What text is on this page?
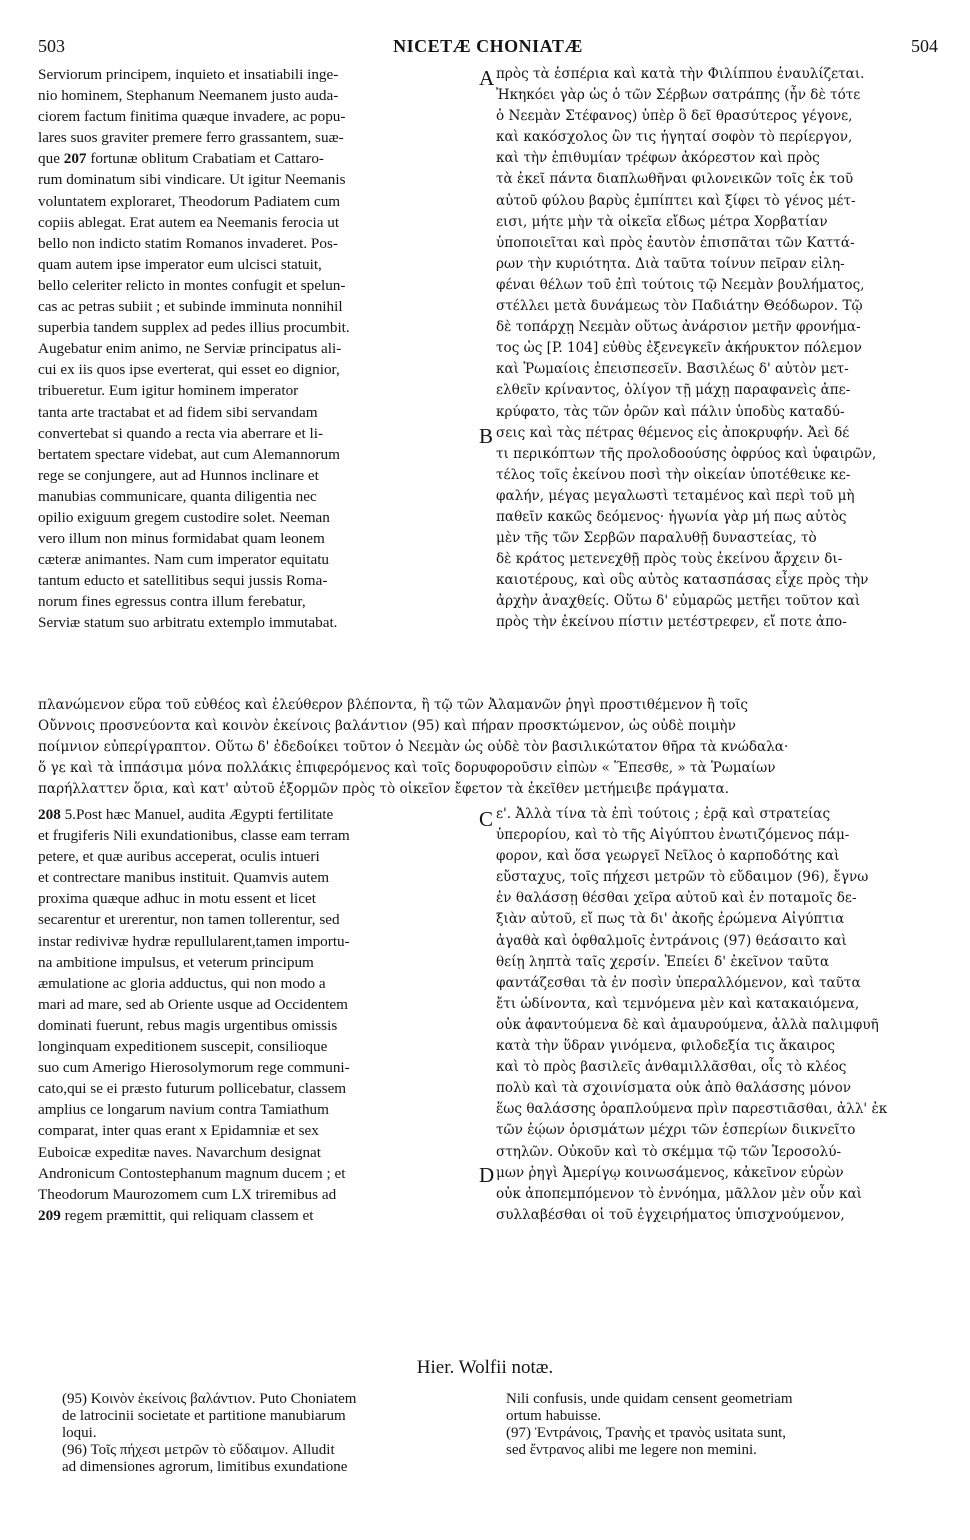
503	NICETÆ CHONIATÆ	504
Serviorum principem, inquieto et insatiabili inge-
nio hominem, Stephanum Neemanem justo auda-
ciorem factum finitima quæque invadere, ac popu-
lares suos graviter premere ferro grassantem, suæ-
que 207 fortunæ oblitum Crabatiam et Cattaro-
rum dominatum sibi vindicare. Ut igitur Neemanis
voluntatem exploraret, Theodorum Padiatem cum
copiis ablegat. Erat autem ea Neemanis ferocia ut
bello non indicto statim Romanos invaderet. Pos-
quam autem ipse imperator eum ulcisci statuit,
bello celeriter relicto in montes confugit et spelun-
cas ac petras subiit ; et subinde imminuta nonnihil
superbia tandem supplex ad pedes illius procumbit.
Augebatur enim animo, ne Serviæ principatus ali-
cui ex iis quos ipse everterat, qui esset eo dignior,
tribueretur. Eum igitur hominem imperator
tanta arte tractabat et ad fidem sibi servandam
convertebat si quando a recta via aberrare et li-
bertatem spectare videbat, aut cum Alemannorum
rege se conjungere, aut ad Hunnos inclinare et
manubias communicare, quanta diligentia nec
opilio exiguum gregem custodire solet. Neeman
vero illum non minus formidabat quam leonem
cæteræ animantes. Nam cum imperator equitatu
tantum educto et satellitibus sequi jussis Roma-
norum fines egressus contra illum ferebatur,
Serviæ statum suo arbitratu extemplo immutabat.
πρὸς τὰ ἑσπέρια καὶ κατὰ τὴν Φιλίππου ἐναυλίζεται.
Ἠκηκόει γὰρ ὡς ὁ τῶν Σέρβων σατράπης (ἦν δὲ τότε
ὁ Νεεμὰν Στέφανος) ὑπὲρ ὃ δεῖ θρασύτερος γέγονε,
καὶ κακόσχολος ὢν τις ἡγηταί σοφὸν τὸ περίεργον,
καὶ τὴν ἐπιθυμίαν τρέφων ἀκόρεστον καὶ πρὸς
τὰ ἐκεῖ πάντα διαπλωθῆναι φιλονεικῶν τοῖς ἐκ τοῦ
αὐτοῦ φύλου βαρὺς ἐμπίπτει καὶ ξίφει τὸ γένος μέτ-
εισι, μήτε μὴν τὰ οἰκεῖα εἴδως μέτρα Χορβατίαν
ὑποποιεῖται καὶ πρὸς ἑαυτὸν ἐπισπᾶται τῶν Καττά-
ρων τὴν κυριότητα. Διὰ ταῦτα τοίνυν πεῖραν εἰλη-
φέναι θέλων τοῦ ἐπὶ τούτοις τῷ Νεεμὰν βουλήματος,
στέλλει μετὰ δυνάμεως τὸν Παδιάτην Θεόδωρον. Τῷ
δὲ τοπάρχῃ Νεεμὰν οὕτως ἀνάρσιον μετῆν φρονήμα-
τος ὡς [P. 104] εὐθὺς ἐξενεγκεῖν ἀκήρυκτον πόλεμον
καὶ Ῥωμαίοις ἐπεισπεσεῖν. Βασιλέως δ' αὐτὸν μετ-
ελθεῖν κρίναντος, ὀλίγον τῇ μάχῃ παραφανεὶς ἀπε-
κρύφατο, τὰς τῶν ὀρῶν καὶ πάλιν ὑποδὺς καταδύ-
σεις καὶ τὰς πέτρας θέμενος εἰς ἀποκρυφήν. Ἀεὶ δέ
τι περικόπτων τῆς προλοδοούσης ὀφρύος καὶ ὑφαιρῶν,
τέλος τοῖς ἐκείνου ποσὶ τὴν οἰκείαν ὑποτέθεικε κε-
φαλήν, μέγας μεγαλωστὶ τεταμένος καὶ περὶ τοῦ μὴ
παθεῖν κακῶς δεόμενος· ἠγωνία γὰρ μή πως αὐτὸς
μὲν τῆς τῶν Σερβῶν παραλυθῇ δυναστείας, τὸ
δὲ κράτος μετενεχθῇ πρὸς τοὺς ἐκείνου ἄρχειν δι-
καιοτέρους, καὶ οὓς αὐτὸς κατασπάσας εἶχε πρὸς τὴν
ἀρχὴν ἀναχθείς. Οὕτω δ' εὐμαρῶς μετῆει τοῦτον καὶ
πρὸς τὴν ἐκείνου πίστιν μετέστρεφεν, εἴ ποτε ἀπο-
πλανώμενον εὕρα τοῦ εὐθέος καὶ ἐλεύθερον βλέποντα, ἢ τῷ τῶν Ἀλαμανῶν ῥηγὶ προστιθέμενον ἢ τοῖς
Οὔννοις προσνεύοντα καὶ κοινὸν ἐκείνοις βαλάντιον (95) καὶ πήραν προσκτώμενον, ὡς οὐδὲ ποιμὴν
ποίμνιον εὐπερίγραπτον. Οὕτω δ' ἐδεδοίκει τοῦτον ὁ Νεεμὰν ὡς οὐδὲ τὸν βασιλικώτατον θῆρα τὰ κνώδαλα·
ὅ γε καὶ τὰ ἱππάσιμα μόνα πολλάκις ἐπιφερόμενος καὶ τοῖς δορυφοροῦσιν εἰπὼν « Ἕπεσθε, » τὰ Ῥωμαίων
παρήλλαττεν ὅρια, καὶ κατ' αὐτοῦ ἐξορμῶν πρὸς τὸ οἰκεῖον ἔφετον τὰ ἐκεῖθεν μετήμειβε πράγματα.
208 5.Post hæc Manuel, audita Ægypti fertilitate
et frugiferis Nili exundationibus, classe eam terram
petere, et quæ auribus acceperat, oculis intueri
et contrectare manibus instituit. Quamvis autem
proxima quæque adhuc in motu essent et licet
secarentur et urerentur, non tamen tollerentur, sed
instar redivivæ hydræ repullularent,tamen importu-
na ambitione impulsus, et veterum principum
æmulatione ac gloria adductus, qui non modo a
mari ad mare, sed ab Oriente usque ad Occidentem
dominati fuerunt, rebus magis urgentibus omissis
longinquam expeditionem suscepit, consilioque
suo cum Amerigo Hierosolymorum rege communi-
cato,qui se ei præsto futurum pollicebatur, classem
amplius ce longarum navium contra Tamiathum
comparat, inter quas erant x Epidamniæ et sex
Euboicæ expeditæ naves. Navarchum designat
Andronicum Contostephanum magnum ducem ; et
Theodorum Maurozomem cum LX triremibus ad
209 regem præmittit, qui reliquam classem et
ε'. Ἀλλὰ τίνα τὰ ἐπὶ τούτοις ; ἐρᾷ καὶ στρατείας
ὑπερορίου, καὶ τὸ τῆς Αἰγύπτου ἐνωτιζόμενος πάμ-
φορον, καὶ ὅσα γεωργεῖ Νεῖλος ὁ καρποδότης καὶ
εὔσταχυς, τοῖς πήχεσι μετρῶν τὸ εὔδαιμον (96), ἔγνω
ἐν θαλάσσῃ θέσθαι χεῖρα αὐτοῦ καὶ ἐν ποταμοῖς δε-
ξιὰν αὐτοῦ, εἴ πως τὰ δι' ἀκοῆς ἐρώμενα Αἰγύπτια
ἀγαθὰ καὶ ὀφθαλμοῖς ἐντράνοις (97) θεάσαιτο καὶ
θείῃ ληπτὰ ταῖς χερσίν. Ἐπείει δ' ἐκεῖνον ταῦτα
φαντάζεσθαι τὰ ἐν ποσὶν ὑπεραλλόμενον, καὶ ταῦτα
ἔτι ὠδίνοντα, καὶ τεμνόμενα μὲν καὶ κατακαιόμενα,
οὐκ ἀφαντούμενα δὲ καὶ ἀμαυρούμενα, ἀλλὰ παλιμφυῆ
κατὰ τὴν ὕδραν γινόμενα, φιλοδεξία τις ἄκαιρος
καὶ τὸ πρὸς βασιλεῖς ἁνθαμιλλᾶσθαι, οἷς τὸ κλέος
πολὺ καὶ τὰ σχοινίσματα οὐκ ἀπὸ θαλάσσης μόνον
ἕως θαλάσσης ὁραπλούμενα πρὶν παρεστιᾶσθαι, ἀλλ' ἐκ
τῶν ἑῴων ὁρισμάτων μέχρι τῶν ἑσπερίων διικνεῖτο
στηλῶν. Οὐκοῦν καὶ τὸ σκέμμα τῷ τῶν Ἱεροσολύ-
μων ῥηγὶ Ἀμερίγῳ κοινωσάμενος, κἀκεῖνον εὑρὼν
οὐκ ἀποπεμπόμενον τὸ ἐννόημα, μᾶλλον μὲν οὖν καὶ
συλλαβέσθαι οἱ τοῦ ἐγχειρήματος ὑπισχνούμενον,
A
B
C
D
Hier. Wolfii notæ.
(95) Κοινὸν ἐκείνοις βαλάντιον. Puto Choniatem
de latrocinii societate et partitione manubiarum
loqui.
(96) Τοῖς πήχεσι μετρῶν τὸ εὔδαιμον. Alludit
ad dimensiones agrorum, limitibus exundatione
Nili confusis, unde quidam censent geometriam
ortum habuisse.
(97) Ἐντράνοις, Τρανὴς et τρανὸς usitata sunt,
sed ἔντρανος alibi me legere non memini.
